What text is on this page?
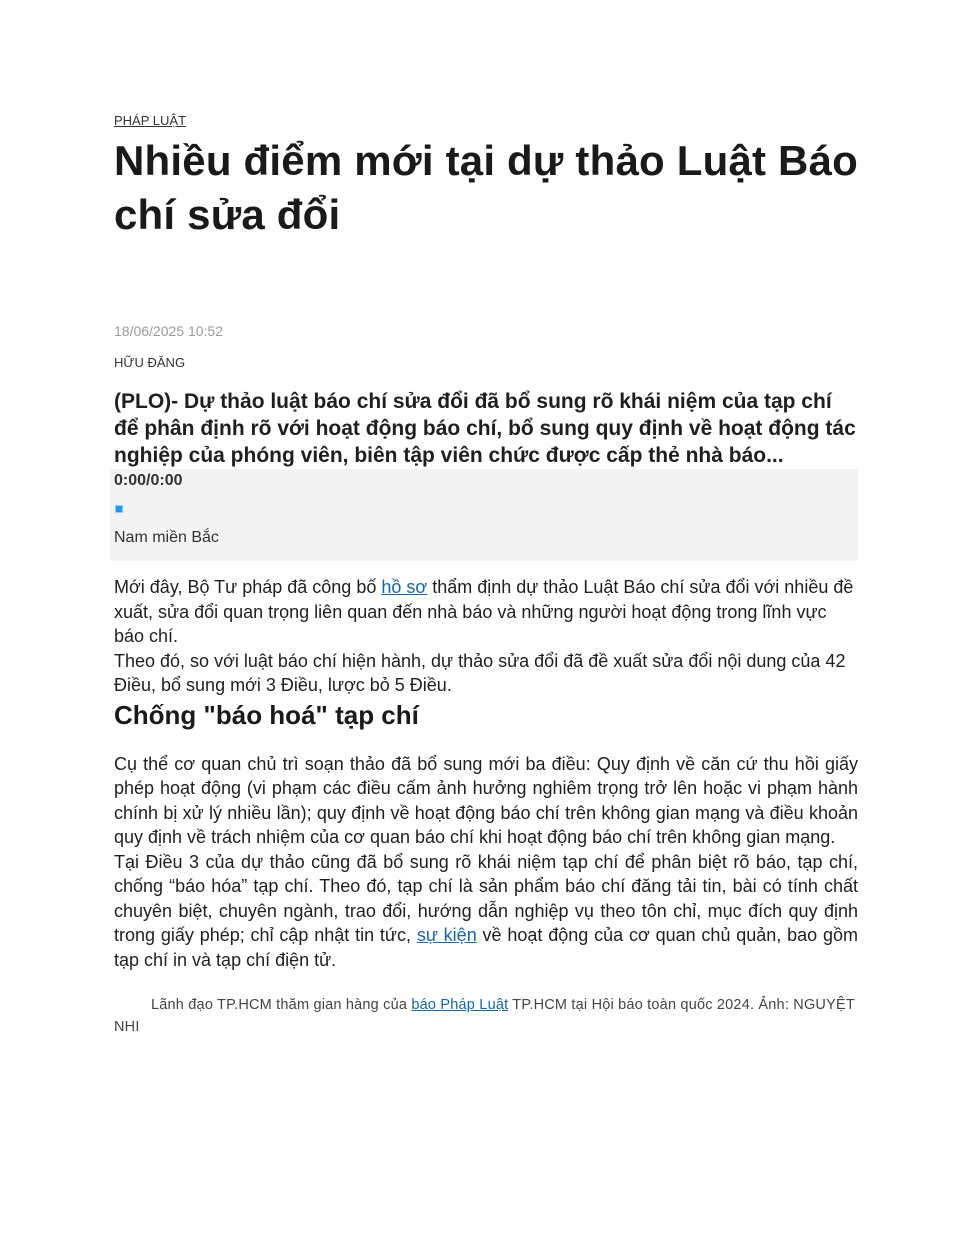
PHÁP LUẬT
Nhiều điểm mới tại dự thảo Luật Báo chí sửa đổi
18/06/2025 10:52
HỮU ĐĂNG
(PLO)- Dự thảo luật báo chí sửa đổi đã bổ sung rõ khái niệm của tạp chí để phân định rõ với hoạt động báo chí, bổ sung quy định về hoạt động tác nghiệp của phóng viên, biên tập viên chức được cấp thẻ nhà báo...
0:00/0:00
Nam miền Bắc

Mới đây, Bộ Tư pháp đã công bố hồ sơ thẩm định dự thảo Luật Báo chí sửa đổi với nhiều đề xuất, sửa đổi quan trọng liên quan đến nhà báo và những người hoạt động trong lĩnh vực báo chí.

Theo đó, so với luật báo chí hiện hành, dự thảo sửa đổi đã đề xuất sửa đổi nội dung của 42 Điều, bổ sung mới 3 Điều, lược bỏ 5 Điều.

Chống "báo hoá" tạp chí

Cụ thể cơ quan chủ trì soạn thảo đã bổ sung mới ba điều: Quy định về căn cứ thu hồi giấy phép hoạt động (vi phạm các điều cấm ảnh hưởng nghiêm trọng trở lên hoặc vi phạm hành chính bị xử lý nhiều lần); quy định về hoạt động báo chí trên không gian mạng và điều khoản quy định về trách nhiệm của cơ quan báo chí khi hoạt động báo chí trên không gian mạng.

Tại Điều 3 của dự thảo cũng đã bổ sung rõ khái niệm tạp chí để phân biệt rõ báo, tạp chí, chống “báo hóa” tạp chí. Theo đó, tạp chí là sản phẩm báo chí đăng tải tin, bài có tính chất chuyên biệt, chuyên ngành, trao đổi, hướng dẫn nghiệp vụ theo tôn chỉ, mục đích quy định trong giấy phép; chỉ cập nhật tin tức, sự kiện về hoạt động của cơ quan chủ quản, bao gồm tạp chí in và tạp chí điện tử.

Lãnh đạo TP.HCM thăm gian hàng của báo Pháp Luật TP.HCM tại Hội báo toàn quốc 2024. Ảnh: NGUYỆT NHI
